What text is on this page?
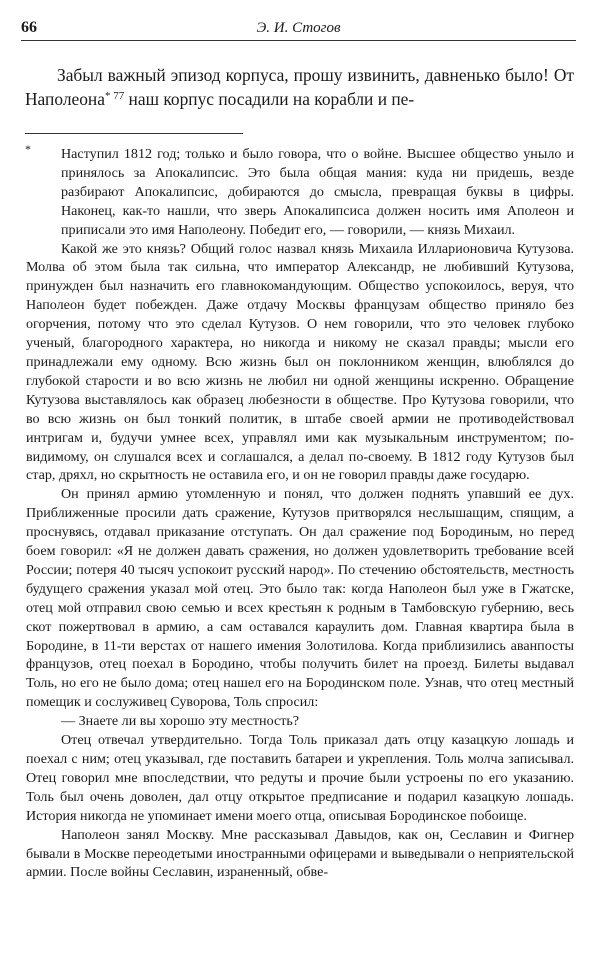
66	Э. И. Стогов

Забыл важный эпизод корпуса, прошу извинить, давненько было! От Наполеона$^{* 77}$ наш корпус посадили на корабли и пе-

* Наступил 1812 год; только и было говора, что о войне. Высшее общество уныло и принялось за Апокалипсис. Это была общая мания: куда ни придешь, везде разбирают Апокалипсис, добираются до смысла, превращая буквы в цифры. Наконец, как-то нашли, что зверь Апокалипсиса должен носить имя Аполеон и приписали это имя Наполеону. Победит его, — говорили, — князь Михаил.

Какой же это князь? Общий голос назвал князь Михаила Илларионовича Кутузова. Молва об этом была так сильна, что император Александр, не любивший Кутузова, принужден был назначить его главнокомандующим. Общество успокоилось, веруя, что Наполеон будет побежден. Даже отдачу Москвы французам общество приняло без огорчения, потому что это сделал Кутузов. О нем говорили, что это человек глубоко ученый, благородного характера, но никогда и никому не сказал правды; мысли его принадлежали ему одному. Всю жизнь был он поклонником женщин, влюблялся до глубокой старости и во всю жизнь не любил ни одной женщины искренно. Обращение Кутузова выставлялось как образец любезности в обществе. Про Кутузова говорили, что во всю жизнь он был тонкий политик, в штабе своей армии не противодействовал интригам и, будучи умнее всех, управлял ими как музыкальным инструментом; по-видимому, он слушался всех и соглашался, а делал по-своему. В 1812 году Кутузов был стар, дряхл, но скрытность не оставила его, и он не говорил правды даже государю.

Он принял армию утомленную и понял, что должен поднять упавший ее дух. Приближенные просили дать сражение, Кутузов притворялся неслышащим, спящим, а проснувясь, отдавал приказание отступать. Он дал сражение под Бородиным, но перед боем говорил: «Я не должен давать сражения, но должен удовлетворить требование всей России; потеря 40 тысяч успокоит русский народ». По стечению обстоятельств, местность будущего сражения указал мой отец. Это было так: когда Наполеон был уже в Гжатске, отец мой отправил свою семью и всех крестьян к родным в Тамбовскую губернию, весь скот пожертвовал в армию, а сам оставался караулить дом. Главная квартира была в Бородине, в 11-ти верстах от нашего имения Золотилова. Когда приблизились аванпосты французов, отец поехал в Бородино, чтобы получить билет на проезд. Билеты выдавал Толь, но его не было дома; отец нашел его на Бородинском поле. Узнав, что отец местный помещик и сослуживец Суворова, Толь спросил:

— Знаете ли вы хорошо эту местность?

Отец отвечал утвердительно. Тогда Толь приказал дать отцу казацкую лошадь и поехал с ним; отец указывал, где поставить батареи и укрепления. Толь молча записывал. Отец говорил мне впоследствии, что редуты и прочие были устроены по его указанию. Толь был очень доволен, дал отцу открытое предписание и подарил казацкую лошадь. История никогда не упоминает имени моего отца, описывая Бородинское побоище.

Наполеон занял Москву. Мне рассказывал Давыдов, как он, Сеславин и Фигнер бывали в Москве переодетыми иностранными офицерами и выведывали о неприятельской армии. После войны Сеславин, израненный, обве-
